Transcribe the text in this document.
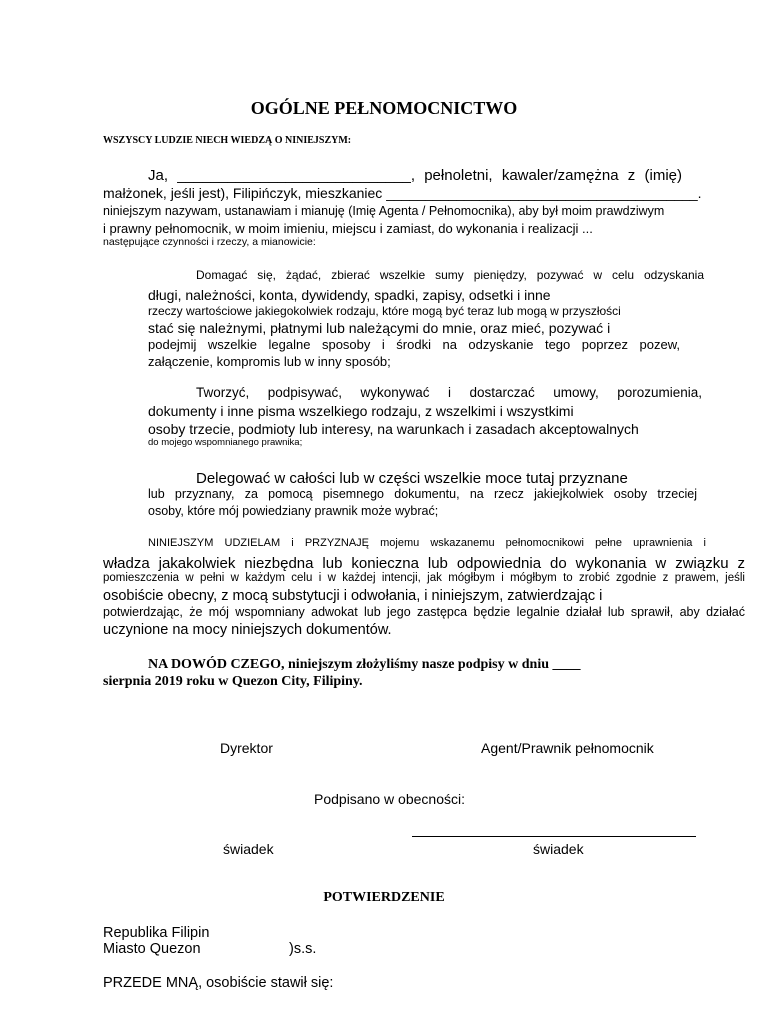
OGÓLNE PEŁNOMOCNICTWO
WSZYSCY LUDZIE NIECH WIEDZĄ O NINIEJSZYM:
Ja, ____________________________, pełnoletni, kawaler/zamężna z (imię)
małżonek, jeśli jest), Filipińczyk, mieszkaniec ________________________________________.
niniejszym nazywam, ustanawiam i mianuję (Imię Agenta / Pełnomocnika), aby był moim prawdziwym
i prawny pełnomocnik, w moim imieniu, miejscu i zamiast, do wykonania i realizacji ...
następujące czynności i rzeczy, a mianowicie:
Domagać się, żądać, zbierać wszelkie sumy pieniędzy, pozywać w celu odzyskania
długi, należności, konta, dywidendy, spadki, zapisy, odsetki i inne
rzeczy wartościowe jakiegokolwiek rodzaju, które mogą być teraz lub mogą w przyszłości
stać się należnymi, płatnymi lub należącymi do mnie, oraz mieć, pozywać i
podejmij wszelkie legalne sposoby i środki na odzyskanie tego poprzez pozew,
załączenie, kompromis lub w inny sposób;
Tworzyć, podpisywać, wykonywać i dostarczać umowy, porozumienia,
dokumenty i inne pisma wszelkiego rodzaju, z wszelkimi i wszystkimi
osoby trzecie, podmioty lub interesy, na warunkach i zasadach akceptowalnych
do mojego wspomnianego prawnika;
Delegować w całości lub w części wszelkie moce tutaj przyznane
lub przyznany, za pomocą pisemnego dokumentu, na rzecz jakiejkolwiek osoby trzeciej
osoby, które mój powiedziany prawnik może wybrać;
NINIEJSZYM UDZIELAM i PRZYZNAJĘ mojemu wskazanemu pełnomocnikowi pełne uprawnienia i
władza jakakolwiek niezbędna lub konieczna lub odpowiednia do wykonania w związku z
pomieszczenia w pełni w każdym celu i w każdej intencji, jak mógłbym i mógłbym to zrobić zgodnie z prawem, jeśli
osobiście obecny, z mocą substytucji i odwołania, i niniejszym, zatwierdzając i
potwierdzając, że mój wspomniany adwokat lub jego zastępca będzie legalnie działał lub sprawił, aby działać
uczynione na mocy niniejszych dokumentów.
NA DOWÓD CZEGO, niniejszym złożyliśmy nasze podpisy w dniu ____
sierpnia 2019 roku w Quezon City, Filipiny.
Dyrektor	Agent/Prawnik pełnomocnik
Podpisano w obecności:
świadek	świadek
POTWIERDZENIE
Republika Filipin
Miasto Quezon	)s.s.
PRZEDE MNĄ, osobiście stawił się:
